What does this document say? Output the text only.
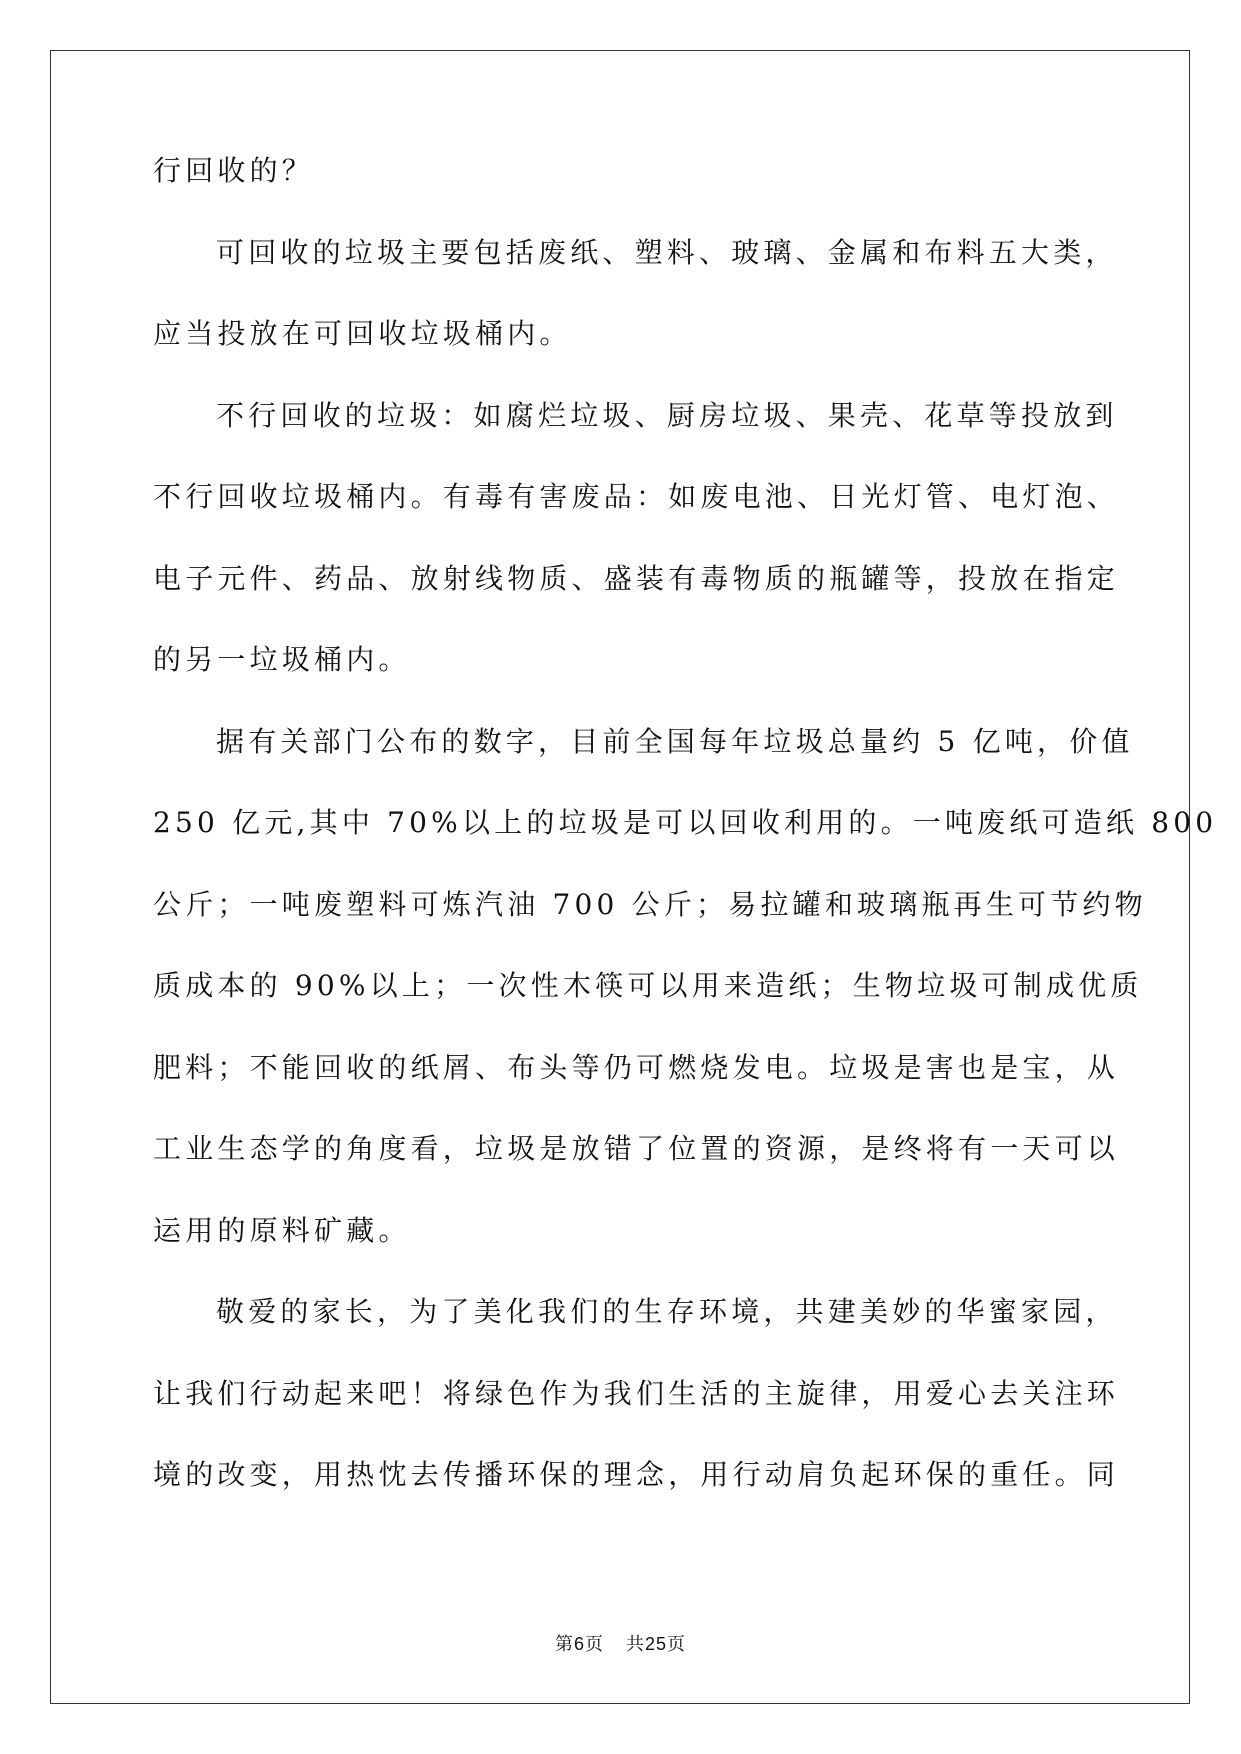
行回收的？
可回收的垃圾主要包括废纸、塑料、玻璃、金属和布料五大类，
应当投放在可回收垃圾桶内。
不行回收的垃圾：如腐烂垃圾、厨房垃圾、果壳、花草等投放到
不行回收垃圾桶内。有毒有害废品：如废电池、日光灯管、电灯泡、
电子元件、药品、放射线物质、盛装有毒物质的瓶罐等，投放在指定
的另一垃圾桶内。
据有关部门公布的数字，目前全国每年垃圾总量约 5 亿吨，价值
250 亿元,其中 70%以上的垃圾是可以回收利用的。一吨废纸可造纸 800
公斤；一吨废塑料可炼汽油 700 公斤；易拉罐和玻璃瓶再生可节约物
质成本的 90%以上；一次性木筷可以用来造纸；生物垃圾可制成优质
肥料；不能回收的纸屑、布头等仍可燃烧发电。垃圾是害也是宝，从
工业生态学的角度看，垃圾是放错了位置的资源，是终将有一天可以
运用的原料矿藏。
敬爱的家长，为了美化我们的生存环境，共建美妙的华蜜家园，
让我们行动起来吧！将绿色作为我们生活的主旋律，用爱心去关注环
境的改变，用热忱去传播环保的理念，用行动肩负起环保的重任。同
第6页 共25页
